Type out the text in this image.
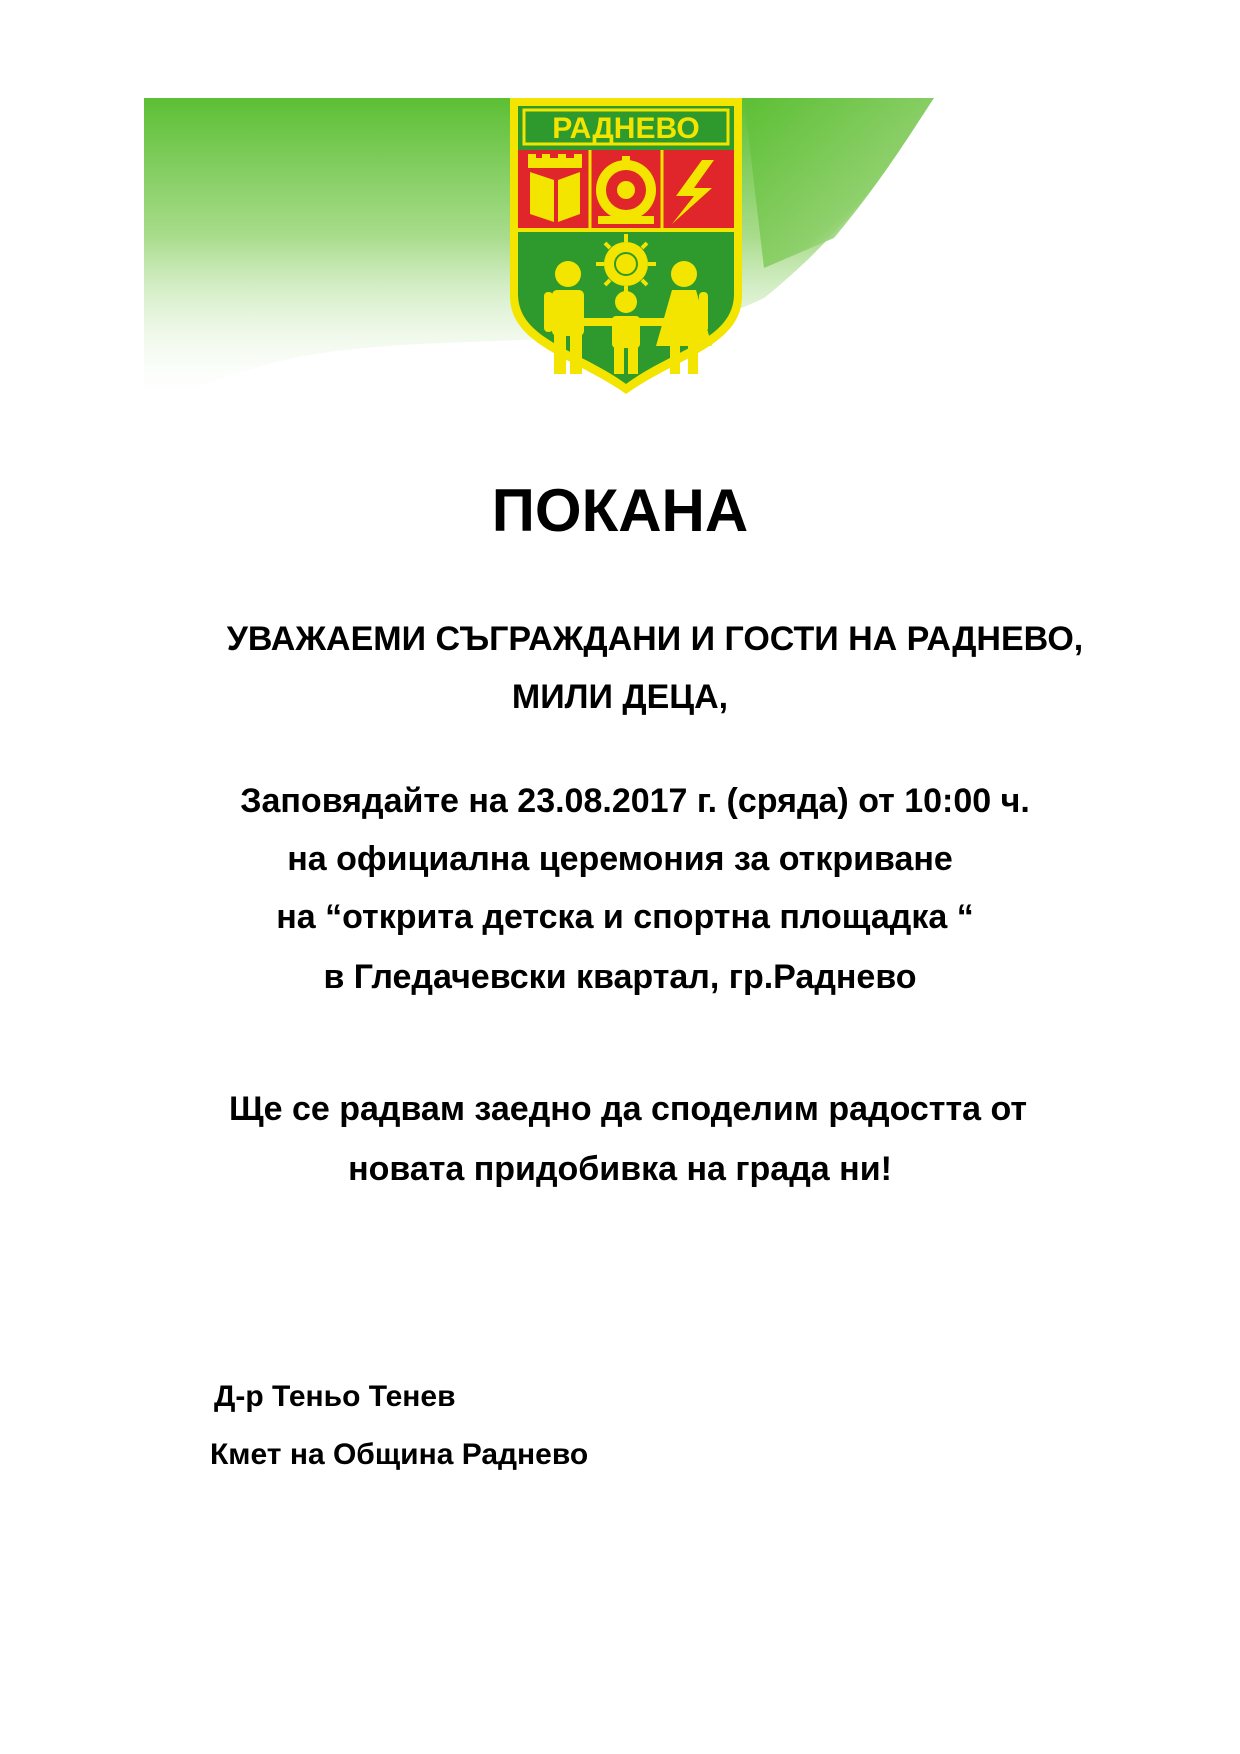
РАДНЕВО
ПОКАНА
УВАЖАЕМИ СЪГРАЖДАНИ И ГОСТИ НА РАДНЕВО,
МИЛИ ДЕЦА,
Заповядайте на 23.08.2017 г. (сряда) от 10:00 ч.
на официална церемония за откриване
на “открита детска и спортна площадка “
в Гледачевски квартал, гр.Раднево
Ще се радвам заедно да споделим радостта от
новата придобивка на града ни!
Д-р Теньо Тенев
Кмет на Община Раднево
